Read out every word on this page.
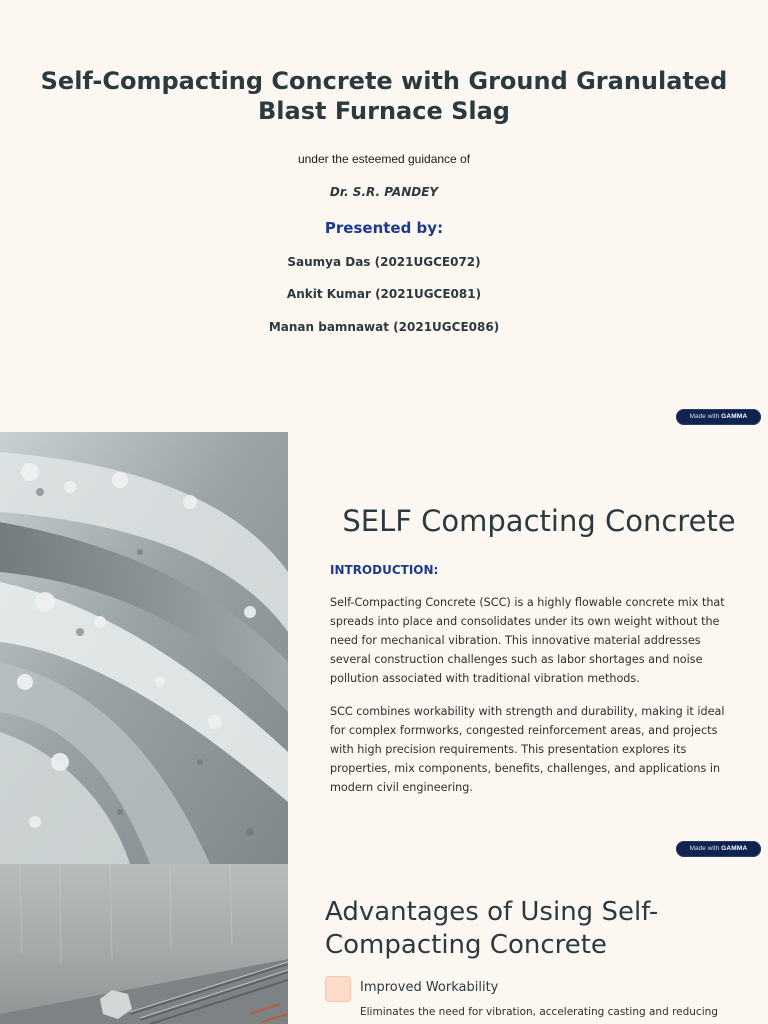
Self-Compacting Concrete with Ground Granulated Blast Furnace Slag
under the esteemed guidance of
Dr. S.R. PANDEY
Presented by:
Saumya Das (2021UGCE072)
Ankit Kumar (2021UGCE081)
Manan bamnawat (2021UGCE086)
Made with GAMMA
SELF Compacting Concrete
INTRODUCTION:

Self-Compacting Concrete (SCC) is a highly flowable concrete mix that spreads into place and consolidates under its own weight without the need for mechanical vibration. This innovative material addresses several construction challenges such as labor shortages and noise pollution associated with traditional vibration methods.

SCC combines workability with strength and durability, making it ideal for complex formworks, congested reinforcement areas, and projects with high precision requirements. This presentation explores its properties, mix components, benefits, challenges, and applications in modern civil engineering.

Made with GAMMA
Advantages of Using Self-Compacting Concrete
Improved Workability
Eliminates the need for vibration, accelerating casting and reducing
